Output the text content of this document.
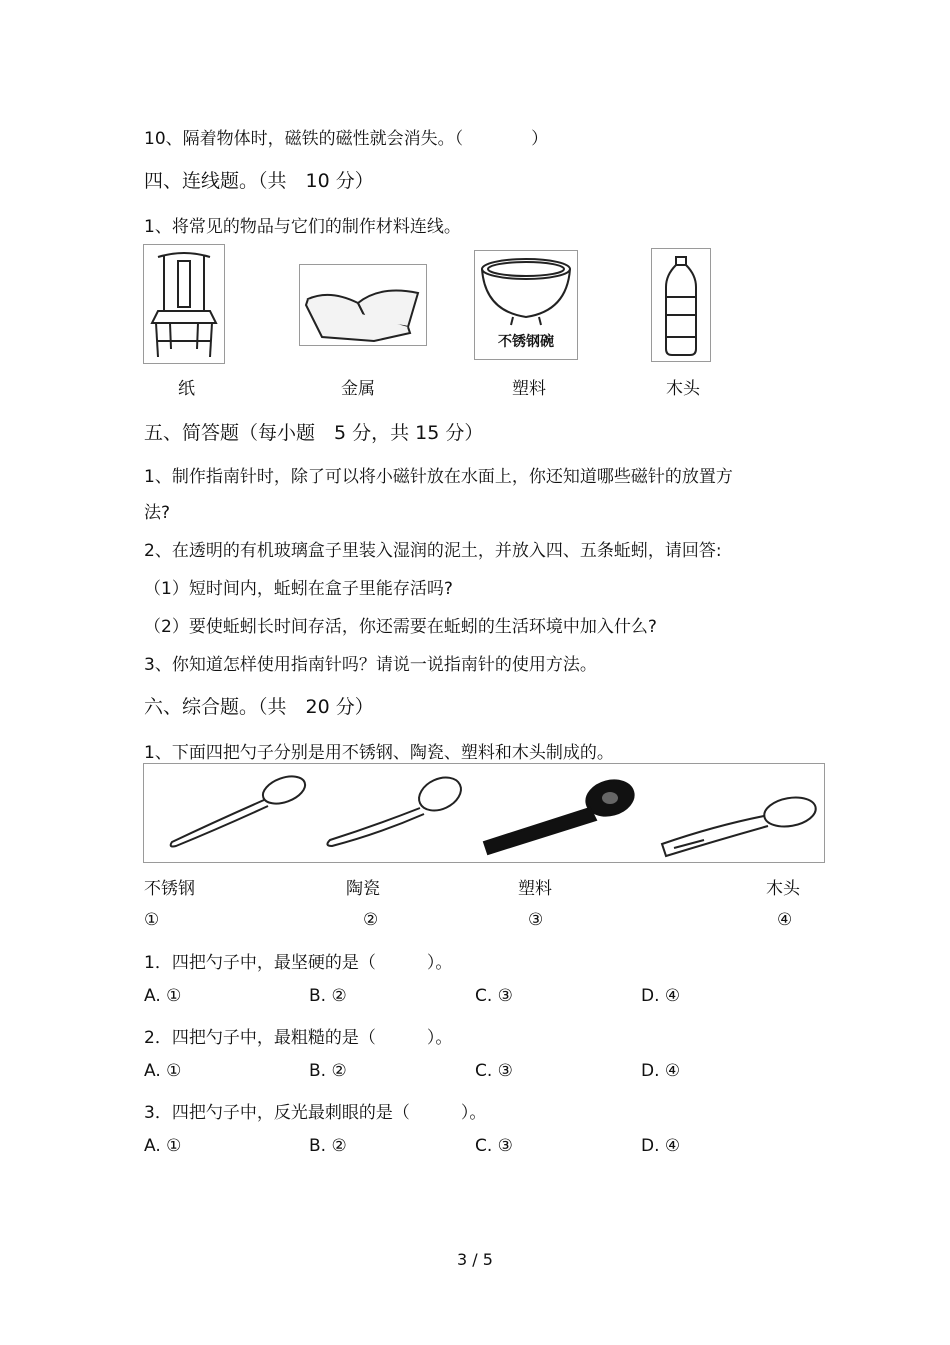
10、隔着物体时，磁铁的磁性就会消失。（　　　　）
四、连线题。（共　10 分）
1、将常见的物品与它们的制作材料连线。
不锈钢碗
纸	金属	塑料	木头
五、简答题（每小题　5 分，共 15 分）
1、制作指南针时，除了可以将小磁针放在水面上，你还知道哪些磁针的放置方
法?
2、在透明的有机玻璃盒子里装入湿润的泥土，并放入四、五条蚯蚓，请回答:
（1）短时间内，蚯蚓在盒子里能存活吗?
（2）要使蚯蚓长时间存活，你还需要在蚯蚓的生活环境中加入什么?
3、你知道怎样使用指南针吗？请说一说指南针的使用方法。
六、综合题。（共　20 分）
1、下面四把勺子分别是用不锈钢、陶瓷、塑料和木头制成的。
不锈钢	陶瓷	塑料	木头
①	②	③	④
1．四把勺子中，最坚硬的是（　　　）。
A. ①	B. ②	C. ③	D. ④
2．四把勺子中，最粗糙的是（　　　）。
A. ①	B. ②	C. ③	D. ④
3．四把勺子中，反光最刺眼的是（　　　）。
A. ①	B. ②	C. ③	D. ④
3 / 5
